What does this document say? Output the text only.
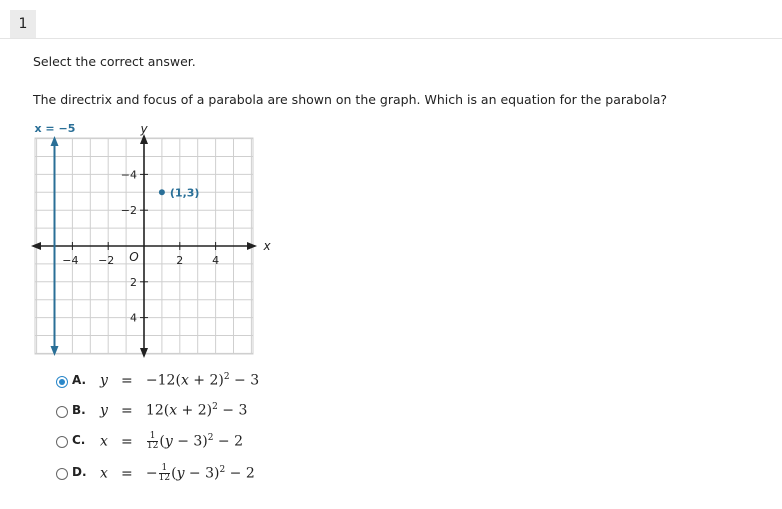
1
Select the correct answer.
The directrix and focus of a parabola are shown on the graph. Which is an equation for the parabola?
−4 −2	2	4
4
2
−2
−4
O
x
y
x = −5
(1,3)
A. $y = -12(x + 2)^2 - 3$
B. $y = 12(x + 2)^2 - 3$
C. $x = \frac{1}{12} (y - 3)^2 - 2$
D. x = − $\frac{1}{12} (y - 3)^2 - 2$
